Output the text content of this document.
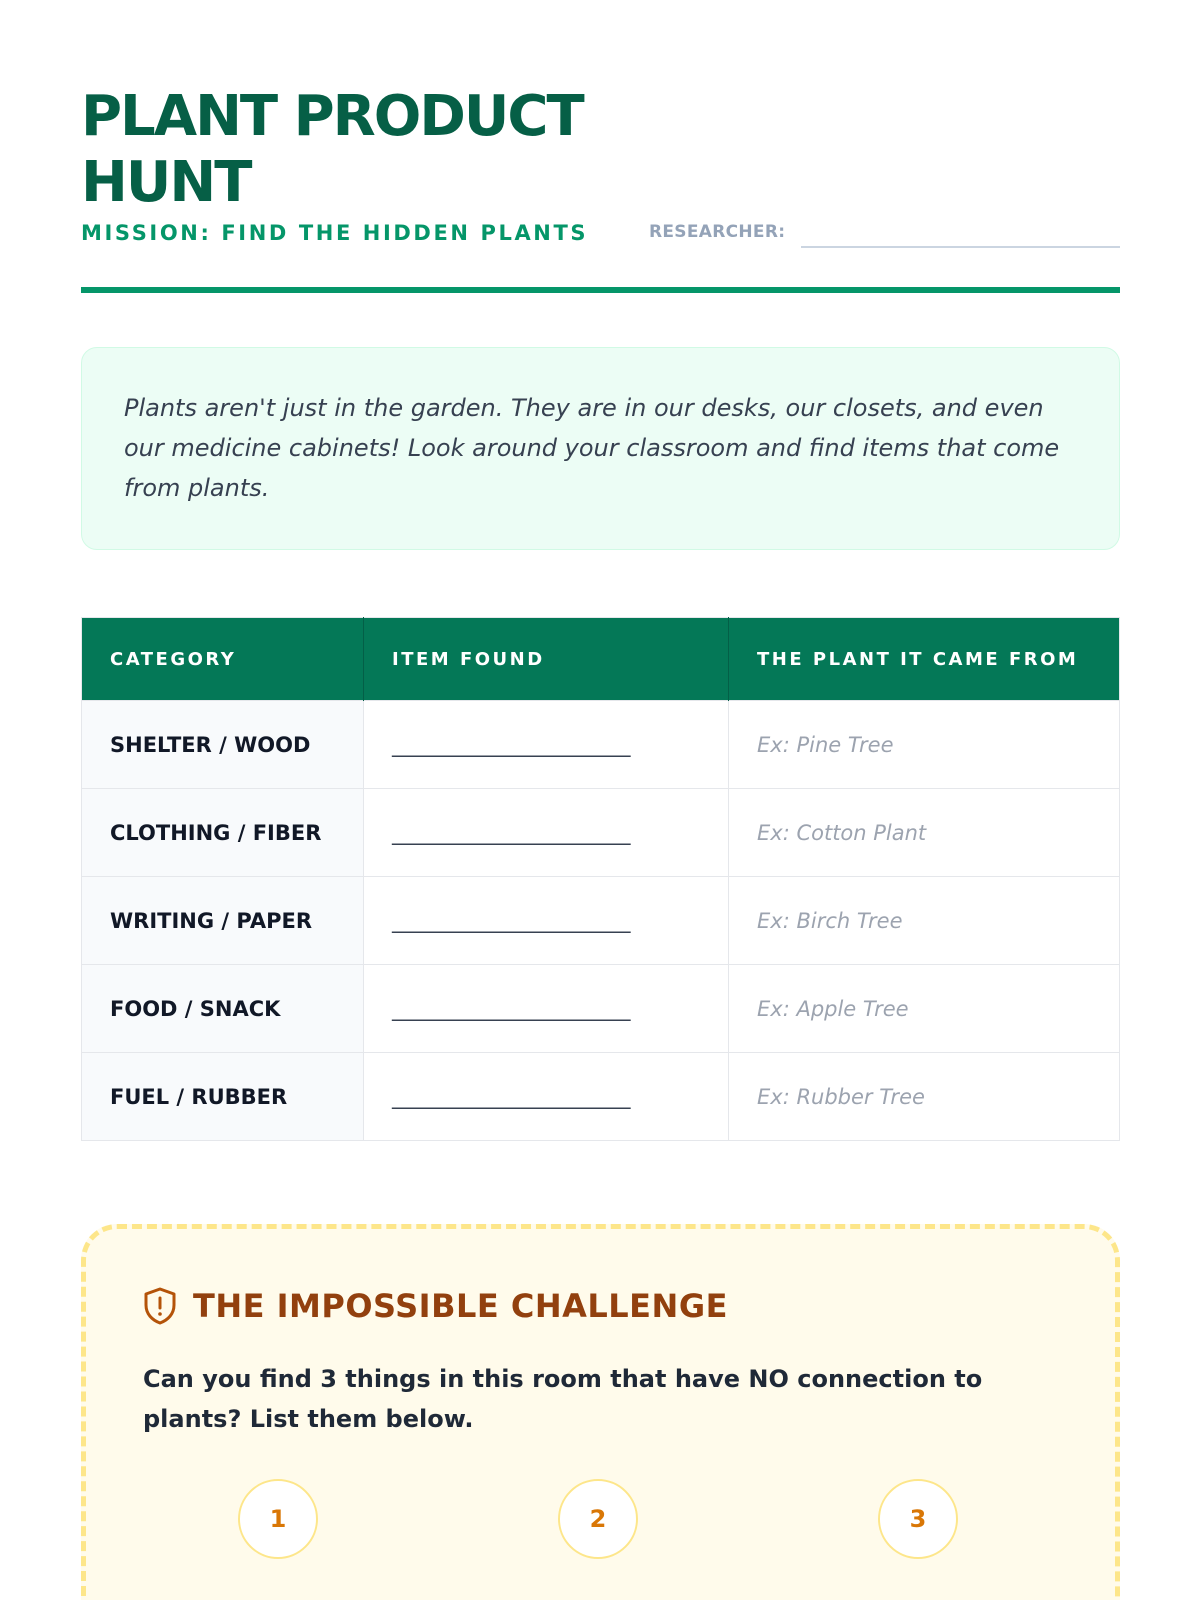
PLANT PRODUCT HUNT
MISSION: FIND THE HIDDEN PLANTS	RESEARCHER:

Plants aren't just in the garden. They are in our desks, our closets, and even our medicine cabinets! Look around your classroom and find items that come from plants.

CATEGORY	ITEM FOUND	THE PLANT IT CAME FROM
SHELTER / WOOD	_________________________	Ex: Pine Tree
CLOTHING / FIBER	_________________________	Ex: Cotton Plant
WRITING / PAPER	_________________________	Ex: Birch Tree
FOOD / SNACK	_________________________	Ex: Apple Tree
FUEL / RUBBER	_________________________	Ex: Rubber Tree
THE IMPOSSIBLE CHALLENGE

Can you find 3 things in this room that have NO connection to plants? List them below.

1	2	3
